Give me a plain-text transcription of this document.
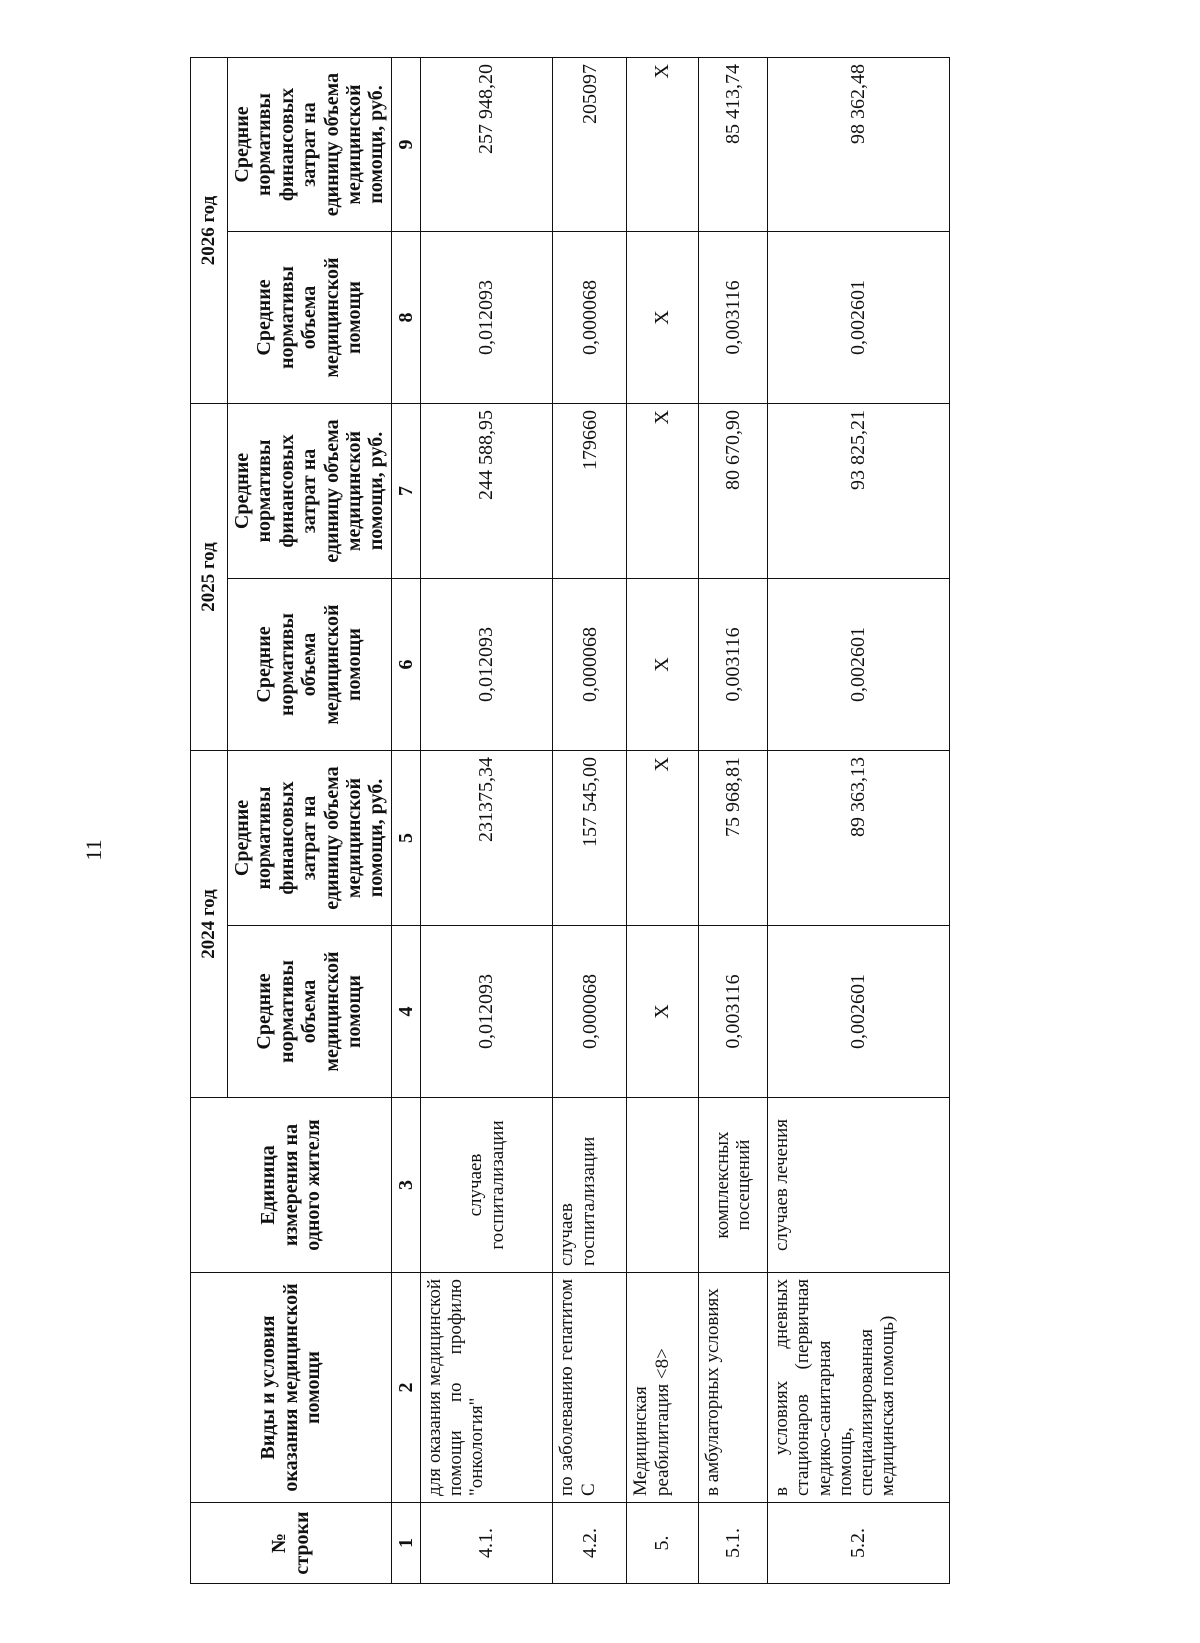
11
№ строки	Виды и условия оказания медицинской помощи	Единица измерения на одного жителя	2024 год		2025 год		2026 год	
			Средние нормативы объема медицинской помощи	Средние нормативы финансовых затрат на единицу объема медицинской помощи, руб.	Средние нормативы объема медицинской помощи	Средние нормативы финансовых затрат на единицу объема медицинской помощи, руб.	Средние нормативы объема медицинской помощи	Средние нормативы финансовых затрат на единицу объема медицинской помощи, руб.
1	2	3	4	5	6	7	8	9
4.1.	для оказания медицинской помощи по профилю "онкология"	случаев госпитализации	0,012093	231375,34	0,012093	244 588,95	0,012093	257 948,20
4.2.	по заболеванию гепатитом С	случаев госпитализации	0,000068	157 545,00	0,000068	179660	0,000068	205097
5.	Медицинская реабилитация <8>		X	X	X	X	X	X
5.1.	в амбулаторных условиях	комплексных посещений	0,003116	75 968,81	0,003116	80 670,90	0,003116	85 413,74
5.2.	в условиях дневных стационаров (первичная медико-санитарная помощь, специализированная медицинская помощь)	случаев лечения	0,002601	89 363,13	0,002601	93 825,21	0,002601	98 362,48
